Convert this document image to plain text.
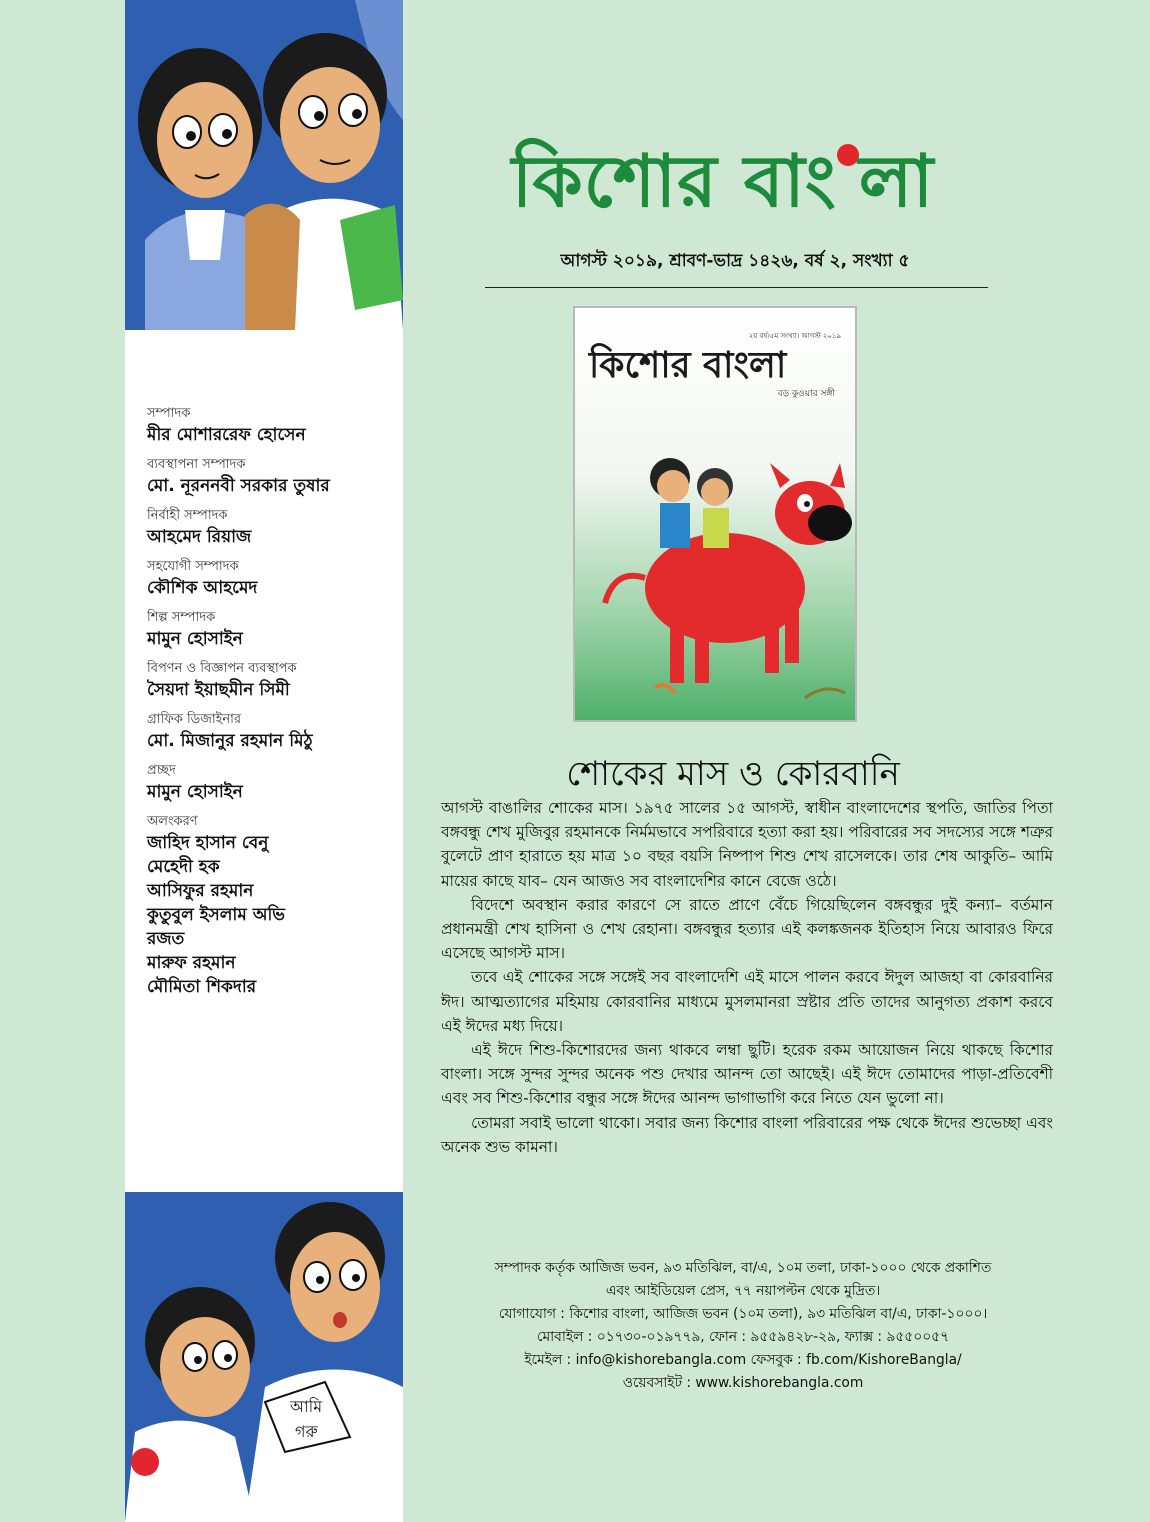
সম্পাদক
মীর মোশাররেফ হোসেন
ব্যবস্থাপনা সম্পাদক
মো. নূরননবী সরকার তুষার
নির্বাহী সম্পাদক
আহমেদ রিয়াজ
সহযোগী সম্পাদক
কৌশিক আহমেদ
শিল্প সম্পাদক
মামুন হোসাইন
বিপণন ও বিজ্ঞাপন ব্যবস্থাপক
সৈয়দা ইয়াছমীন সিমী
গ্রাফিক ডিজাইনার
মো. মিজানুর রহমান মিঠু
প্রচ্ছদ
মামুন হোসাইন
অলংকরণ
জাহিদ হাসান বেনু
মেহেদী হক
আসিফুর রহমান
কুতুবুল ইসলাম অভি
রজত
মারুফ রহমান
মৌমিতা শিকদার
আমি
গরু
কিশোর বাং লা
আগস্ট ২০১৯, শ্রাবণ-ভাদ্র ১৪২৬, বর্ষ ২, সংখ্যা ৫
২য় বর্ষ।৫ম সংখ্যা। আগস্ট ২০১৯
কিশোর বাংলা
বড় কুওয়ার সঙ্গী
শোকের মাস ও কোরবানি

আগস্ট বাঙালির শোকের মাস। ১৯৭৫ সালের ১৫ আগস্ট, স্বাধীন বাংলাদেশের স্থপতি, জাতির পিতা বঙ্গবন্ধু শেখ মুজিবুর রহমানকে নির্মমভাবে সপরিবারে হত্যা করা হয়। পরিবারের সব সদস্যের সঙ্গে শত্রুর বুলেটে প্রাণ হারাতে হয় মাত্র ১০ বছর বয়সি নিষ্পাপ শিশু শেখ রাসেলকে। তার শেষ আকুতি– আমি মায়ের কাছে যাব– যেন আজও সব বাংলাদেশির কানে বেজে ওঠে।

বিদেশে অবস্থান করার কারণে সে রাতে প্রাণে বেঁচে গিয়েছিলেন বঙ্গবন্ধুর দুই কন্যা– বর্তমান প্রধানমন্ত্রী শেখ হাসিনা ও শেখ রেহানা। বঙ্গবন্ধুর হত্যার এই কলঙ্কজনক ইতিহাস নিয়ে আবারও ফিরে এসেছে আগস্ট মাস।

তবে এই শোকের সঙ্গে সঙ্গেই সব বাংলাদেশি এই মাসে পালন করবে ঈদুল আজহা বা কোরবানির ঈদ। আত্মত্যাগের মহিমায় কোরবানির মাধ্যমে মুসলমানরা স্রষ্টার প্রতি তাদের আনুগত্য প্রকাশ করবে এই ঈদের মধ্য দিয়ে।

এই ঈদে শিশু-কিশোরদের জন্য থাকবে লম্বা ছুটি। হরেক রকম আয়োজন নিয়ে থাকছে কিশোর বাংলা। সঙ্গে সুন্দর সুন্দর অনেক পশু দেখার আনন্দ তো আছেই। এই ঈদে তোমাদের পাড়া-প্রতিবেশী এবং সব শিশু-কিশোর বন্ধুর সঙ্গে ঈদের আনন্দ ভাগাভাগি করে নিতে যেন ভুলো না।

তোমরা সবাই ভালো থাকো। সবার জন্য কিশোর বাংলা পরিবারের পক্ষ থেকে ঈদের শুভেচ্ছা এবং অনেক শুভ কামনা।

সম্পাদক কর্তৃক আজিজ ভবন, ৯৩ মতিঝিল, বা/এ, ১০ম তলা, ঢাকা-১০০০ থেকে প্রকাশিত
এবং আইডিয়েল প্রেস, ৭৭ নয়াপল্টন থেকে মুদ্রিত।
যোগাযোগ : কিশোর বাংলা, আজিজ ভবন (১০ম তলা), ৯৩ মতিঝিল বা/এ, ঢাকা-১০০০।
মোবাইল : ০১৭৩০-০১৯৭৭৯, ফোন : ৯৫৫৯৪২৮-২৯, ফ্যাক্স : ৯৫৫০০৫৭
ইমেইল : info@kishorebangla.com ফেসবুক : fb.com/KishoreBangla/
ওয়েবসাইট : www.kishorebangla.com
